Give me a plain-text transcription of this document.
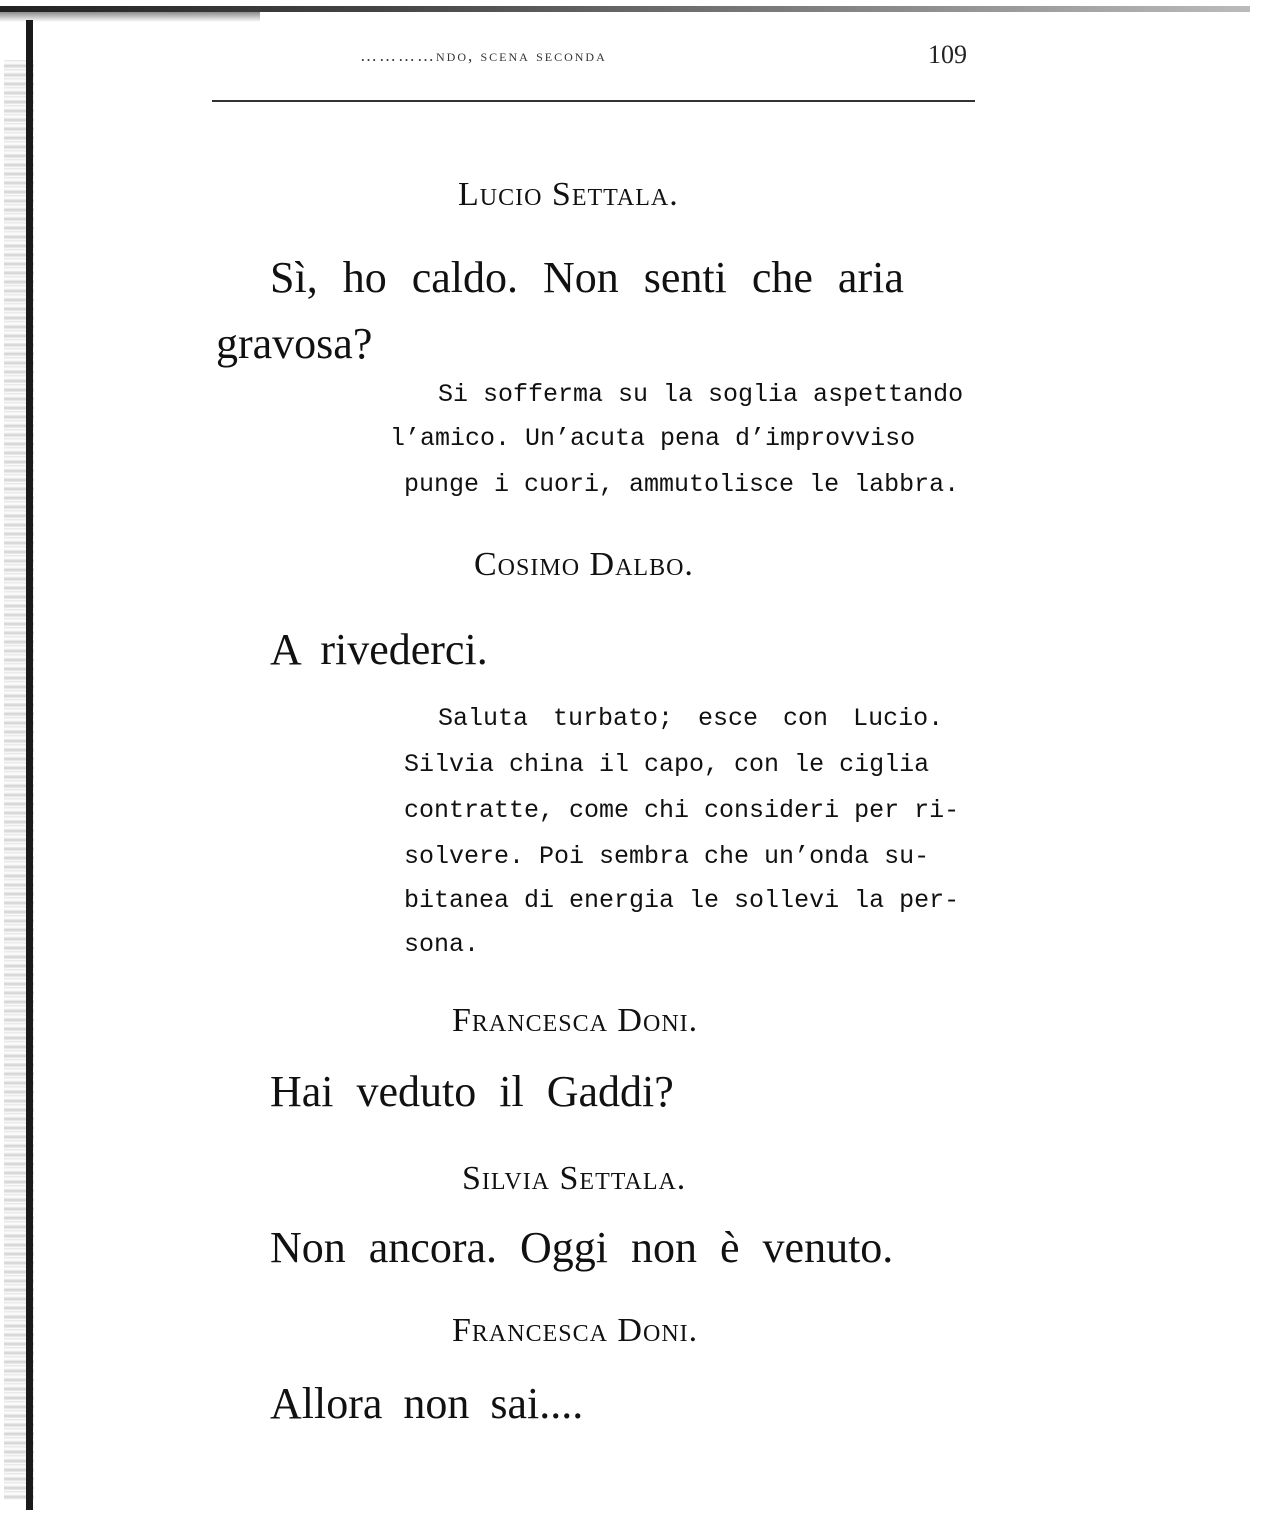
…………ndo, scena seconda	109
Lucio Settala.
Sì, ho caldo. Non senti che aria
gravosa?
Si sofferma su la soglia aspettando
l’amico. Un’acuta pena d’improvviso
punge i cuori, ammutolisce le labbra.
Cosimo Dalbo.
A rivederci.
Saluta turbato; esce con Lucio.
Silvia china il capo, con le ciglia
contratte, come chi consideri per ri-
solvere. Poi sembra che un’onda su-
bitanea di energia le sollevi la per-
sona.
Francesca Doni.
Hai veduto il Gaddi?
Silvia Settala.
Non ancora. Oggi non è venuto.
Francesca Doni.
Allora non sai....
